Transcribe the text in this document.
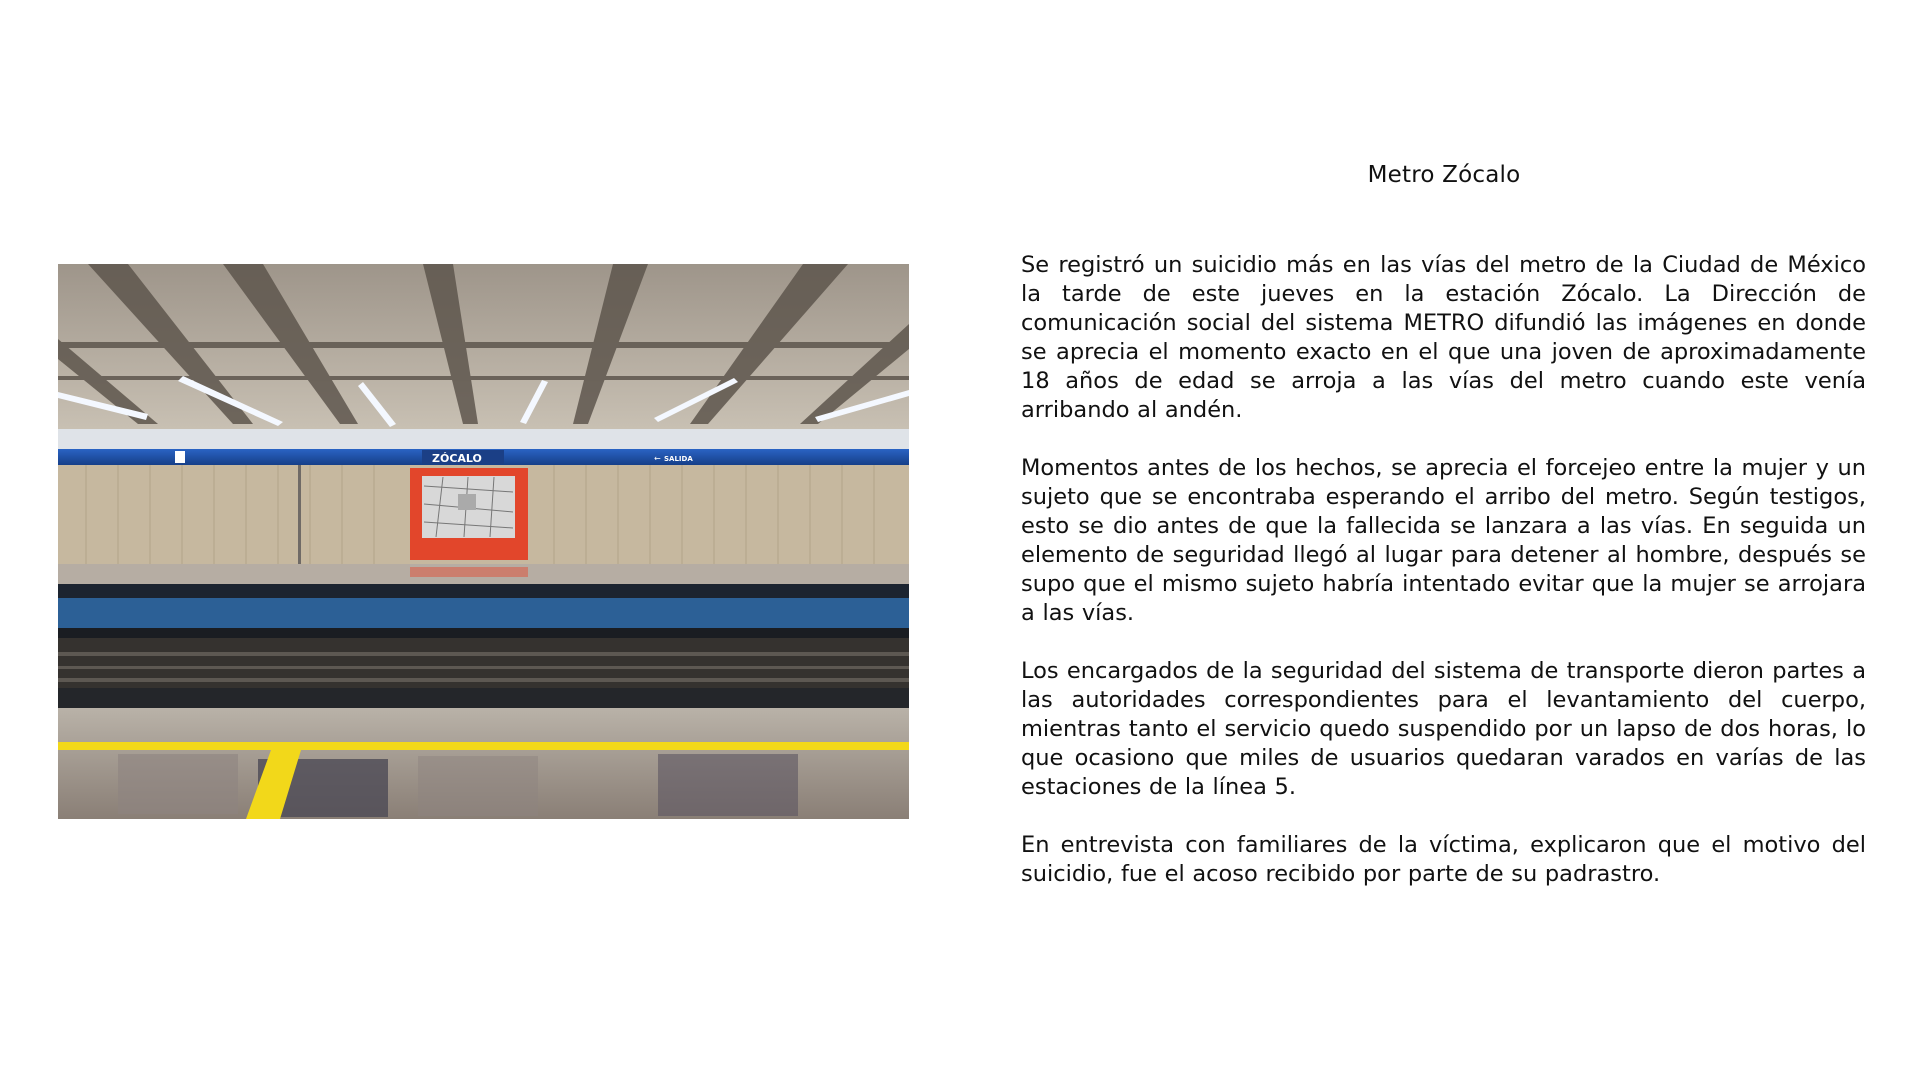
ZÓCALO	SALIDA
←
Metro Zócalo

Se registró un suicidio más en las vías del metro de la Ciudad de México la tarde de este jueves en la estación Zócalo. La Dirección de comunicación social del sistema METRO difundió las imágenes en donde se aprecia el momento exacto en el que una joven de aproximadamente 18 años de edad se arroja a las vías del metro cuando este venía arribando al andén.

Momentos antes de los hechos, se aprecia el forcejeo entre la mujer y un sujeto que se encontraba esperando el arribo del metro. Según testigos, esto se dio antes de que la fallecida se lanzara a las vías. En seguida un elemento de seguridad llegó al lugar para detener al hombre, después se supo que el mismo sujeto habría intentado evitar que la mujer se arrojara a las vías.

Los encargados de la seguridad del sistema de transporte dieron partes a las autoridades correspondientes para el levantamiento del cuerpo, mientras tanto el servicio quedo suspendido por un lapso de dos horas, lo que ocasiono que miles de usuarios quedaran varados en varías de las estaciones de la línea 5.

En entrevista con familiares de la víctima, explicaron que el motivo del suicidio, fue el acoso recibido por parte de su padrastro.
